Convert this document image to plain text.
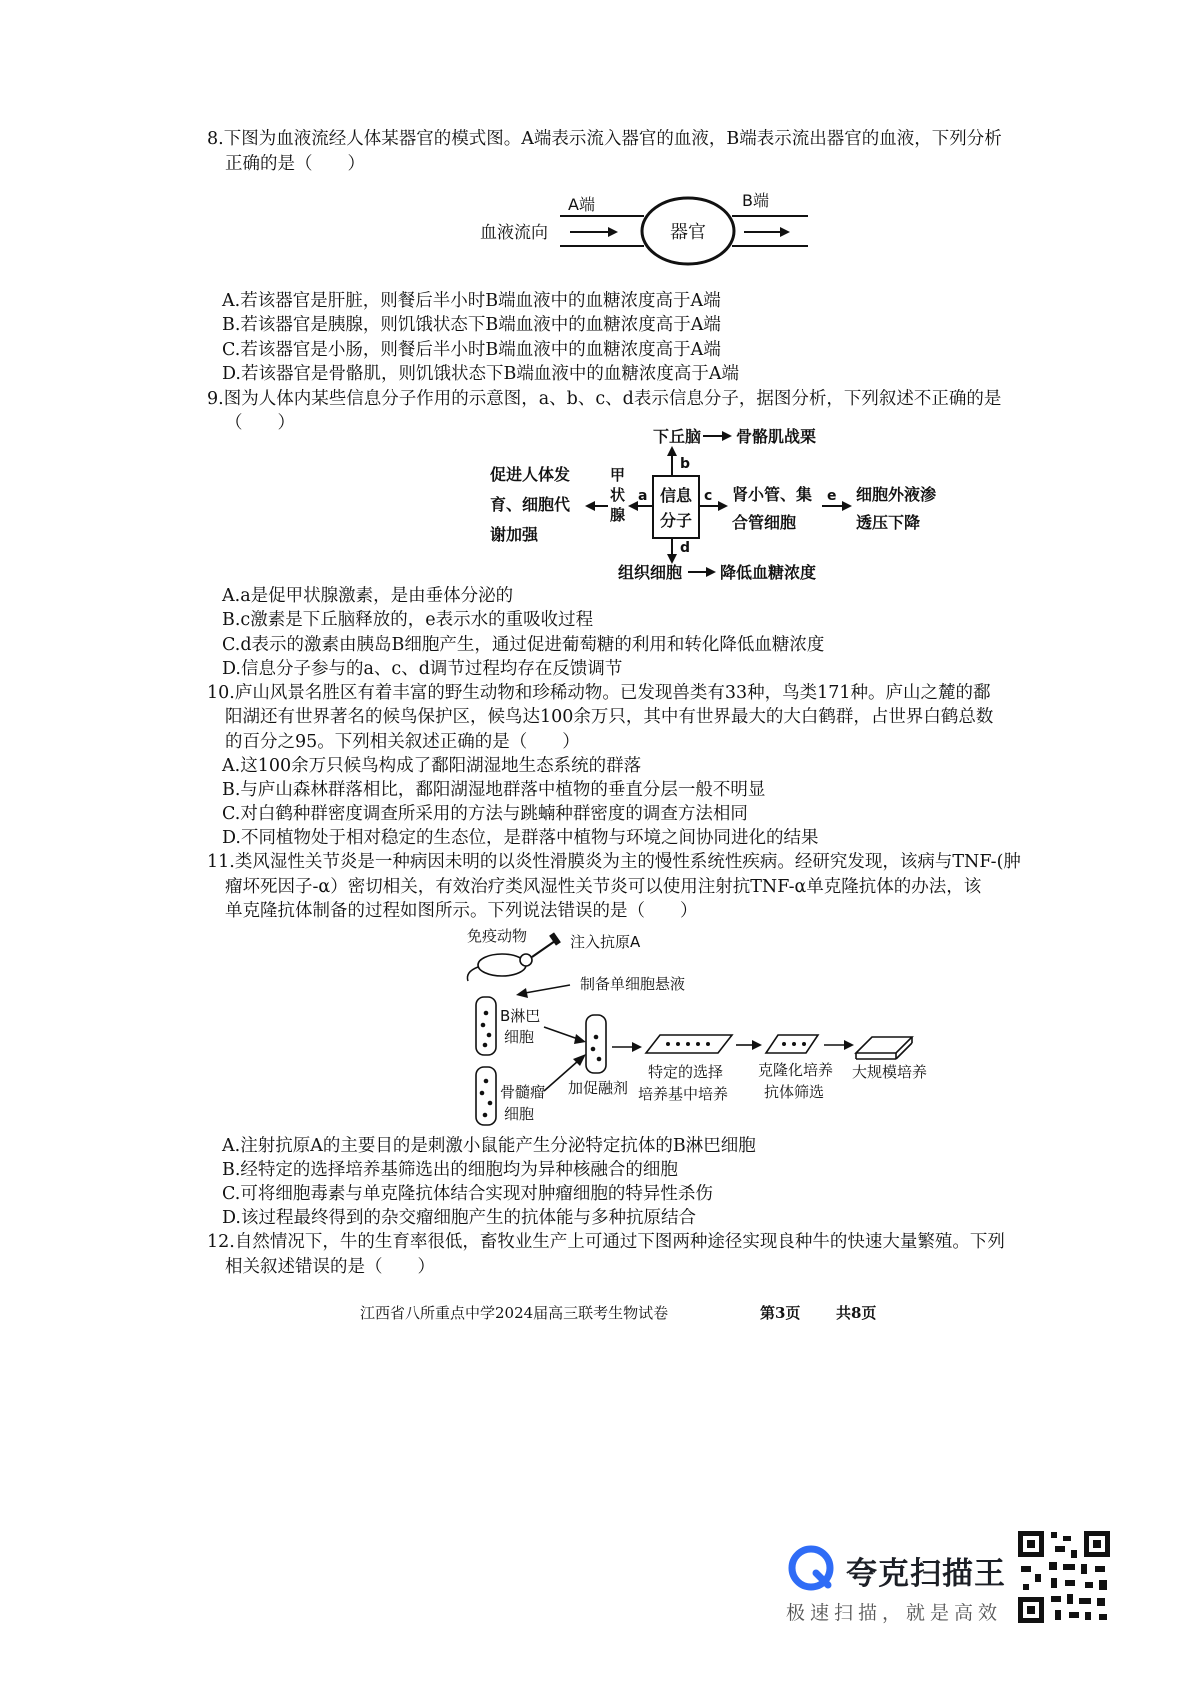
8.下图为血液流经人体某器官的模式图。A端表示流入器官的血液，B端表示流出器官的血液，下列分析
正确的是（　　）
血液流向
A端	B端
器官
A.若该器官是肝脏，则餐后半小时B端血液中的血糖浓度高于A端
B.若该器官是胰腺，则饥饿状态下B端血液中的血糖浓度高于A端
C.若该器官是小肠，则餐后半小时B端血液中的血糖浓度高于A端
D.若该器官是骨骼肌，则饥饿状态下B端血液中的血糖浓度高于A端
9.图为人体内某些信息分子作用的示意图，a、b、c、d表示信息分子，据图分析，下列叙述不正确的是
（　　）
下丘脑 骨骼肌战栗
b
信息
分子
甲
状
腺
a
促进人体发
育、细胞代
谢加强
c 肾小管、集
合管细胞
e 细胞外液渗
透压下降
d
组织细胞 降低血糖浓度
A.a是促甲状腺激素，是由垂体分泌的
B.c激素是下丘脑释放的，e表示水的重吸收过程
C.d表示的激素由胰岛B细胞产生，通过促进葡萄糖的利用和转化降低血糖浓度
D.信息分子参与的a、c、d调节过程均存在反馈调节
10.庐山风景名胜区有着丰富的野生动物和珍稀动物。已发现兽类有33种，鸟类171种。庐山之麓的鄱
阳湖还有世界著名的候鸟保护区，候鸟达100余万只，其中有世界最大的大白鹤群，占世界白鹤总数
的百分之95。下列相关叙述正确的是（　　）
A.这100余万只候鸟构成了鄱阳湖湿地生态系统的群落
B.与庐山森林群落相比，鄱阳湖湿地群落中植物的垂直分层一般不明显
C.对白鹤种群密度调查所采用的方法与跳蝻种群密度的调查方法相同
D.不同植物处于相对稳定的生态位，是群落中植物与环境之间协同进化的结果
11.类风湿性关节炎是一种病因未明的以炎性滑膜炎为主的慢性系统性疾病。经研究发现，该病与TNF-(肿
瘤坏死因子-α）密切相关，有效治疗类风湿性关节炎可以使用注射抗TNF-α单克隆抗体的办法，该
单克隆抗体制备的过程如图所示。下列说法错误的是（　　）
免疫动物	注入抗原A
制备单细胞悬液
B淋巴
细胞
骨髓瘤
细胞
加促融剂
特定的选择
培养基中培养
克隆化培养
抗体筛选
大规模培养
A.注射抗原A的主要目的是刺激小鼠能产生分泌特定抗体的B淋巴细胞
B.经特定的选择培养基筛选出的细胞均为异种核融合的细胞
C.可将细胞毒素与单克隆抗体结合实现对肿瘤细胞的特异性杀伤
D.该过程最终得到的杂交瘤细胞产生的抗体能与多种抗原结合
12.自然情况下，牛的生育率很低，畜牧业生产上可通过下图两种途径实现良种牛的快速大量繁殖。下列
相关叙述错误的是（　　）
江西省八所重点中学2024届高三联考生物试卷	第3页 共8页
夸克扫描王
极速扫描，就是高效
